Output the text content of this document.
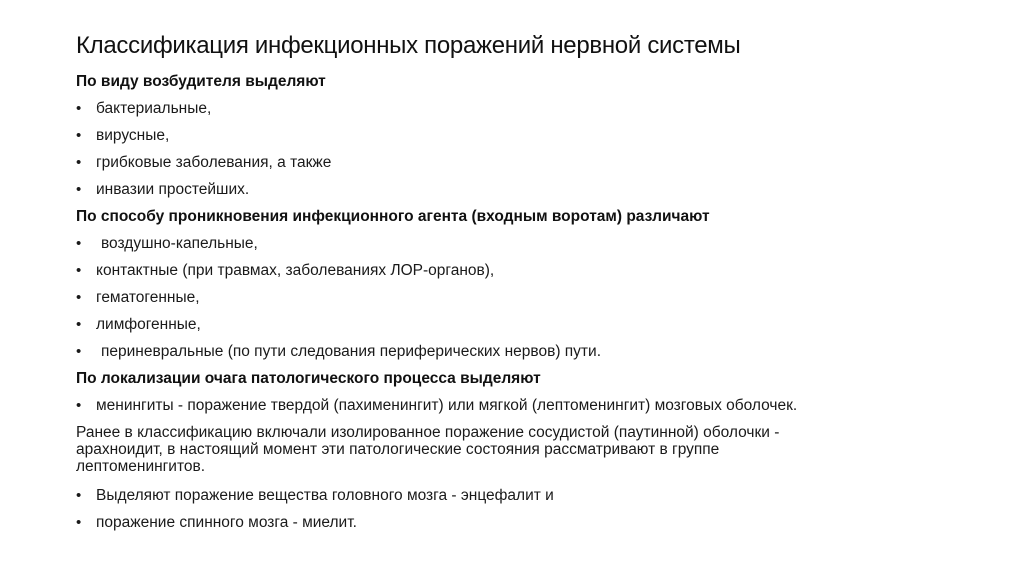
Классификация инфекционных поражений нервной системы
По виду возбудителя выделяют
• бактериальные,
• вирусные,
• грибковые заболевания, а также
• инвазии простейших.
По способу проникновения инфекционного агента (входным воротам) различают
• воздушно-капельные,
• контактные (при травмах, заболеваниях ЛОР-органов),
• гематогенные,
• лимфогенные,
• периневральные (по пути следования периферических нервов) пути.
По локализации очага патологического процесса выделяют
• менингиты - поражение твердой (пахименингит) или мягкой (лептоменингит) мозговых оболочек.
Ранее в классификацию включали изолированное поражение сосудистой (паутинной) оболочки -
арахноидит, в настоящий момент эти патологические состояния рассматривают в группе
лептоменингитов.
• Выделяют поражение вещества головного мозга - энцефалит и
• поражение спинного мозга - миелит.
